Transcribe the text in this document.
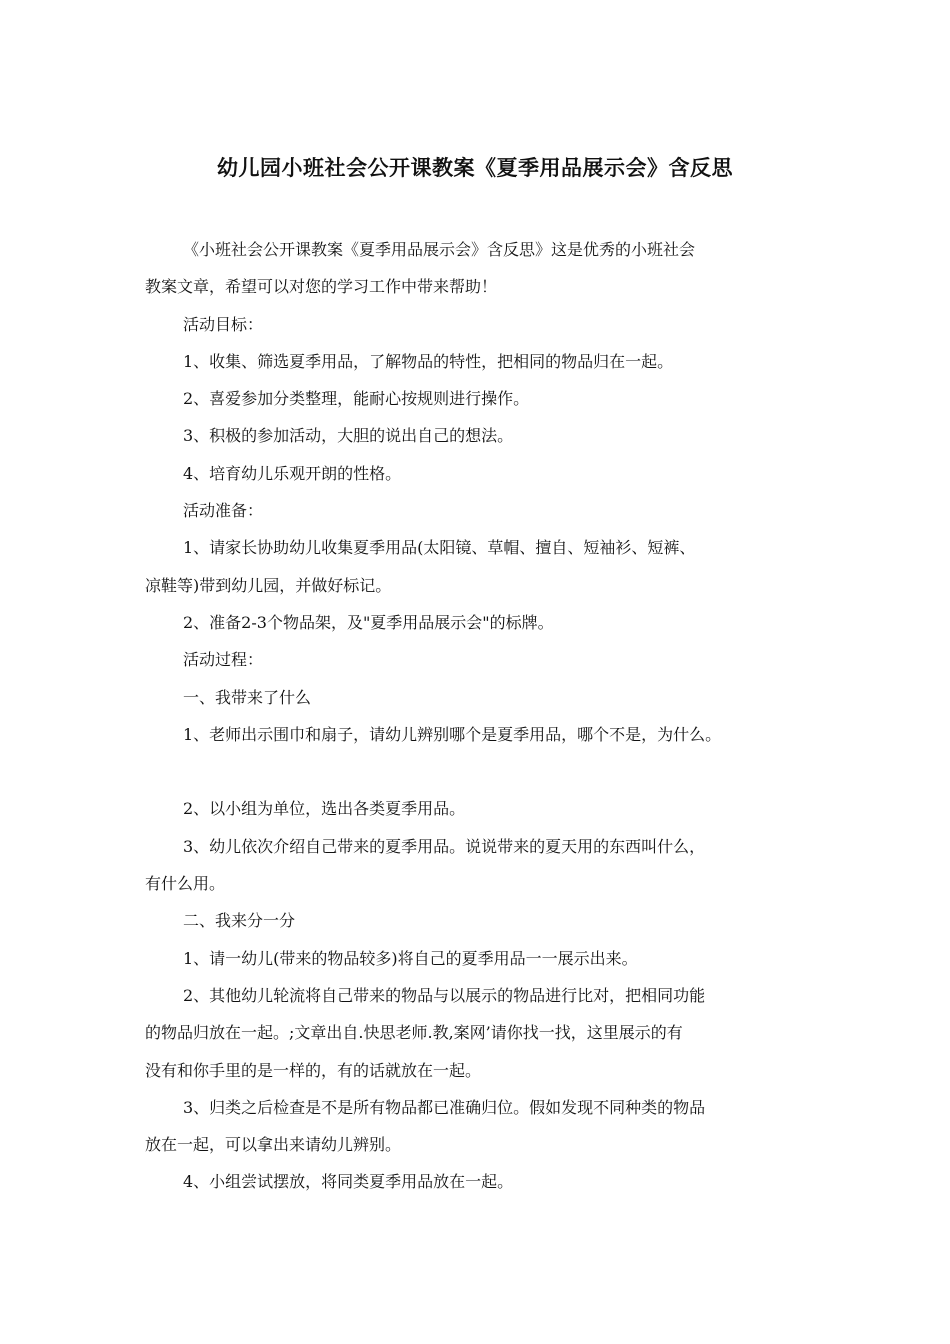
幼儿园小班社会公开课教案《夏季用品展示会》含反思

《小班社会公开课教案《夏季用品展示会》含反思》这是优秀的小班社会

教案文章，希望可以对您的学习工作中带来帮助！

活动目标：

1、收集、筛选夏季用品，了解物品的特性，把相同的物品归在一起。

2、喜爱参加分类整理，能耐心按规则进行操作。

3、积极的参加活动，大胆的说出自己的想法。

4、培育幼儿乐观开朗的性格。

活动准备：

1、请家长协助幼儿收集夏季用品(太阳镜、草帽、擅自、短袖衫、短裤、

凉鞋等)带到幼儿园，并做好标记。

2、准备2-3个物品架，及"夏季用品展示会"的标牌。

活动过程：

一、我带来了什么

1、老师出示围巾和扇子，请幼儿辨别哪个是夏季用品，哪个不是，为什么。

2、以小组为单位，选出各类夏季用品。

3、幼儿依次介绍自己带来的夏季用品。说说带来的夏天用的东西叫什么，

有什么用。

二、我来分一分

1、请一幼儿(带来的物品较多)将自己的夏季用品一一展示出来。

2、其他幼儿轮流将自己带来的物品与以展示的物品进行比对，把相同功能

的物品归放在一起。;文章出自.快思老师.教,案网’请你找一找，这里展示的有

没有和你手里的是一样的，有的话就放在一起。

3、归类之后检查是不是所有物品都已准确归位。假如发现不同种类的物品

放在一起，可以拿出来请幼儿辨别。

4、小组尝试摆放，将同类夏季用品放在一起。
